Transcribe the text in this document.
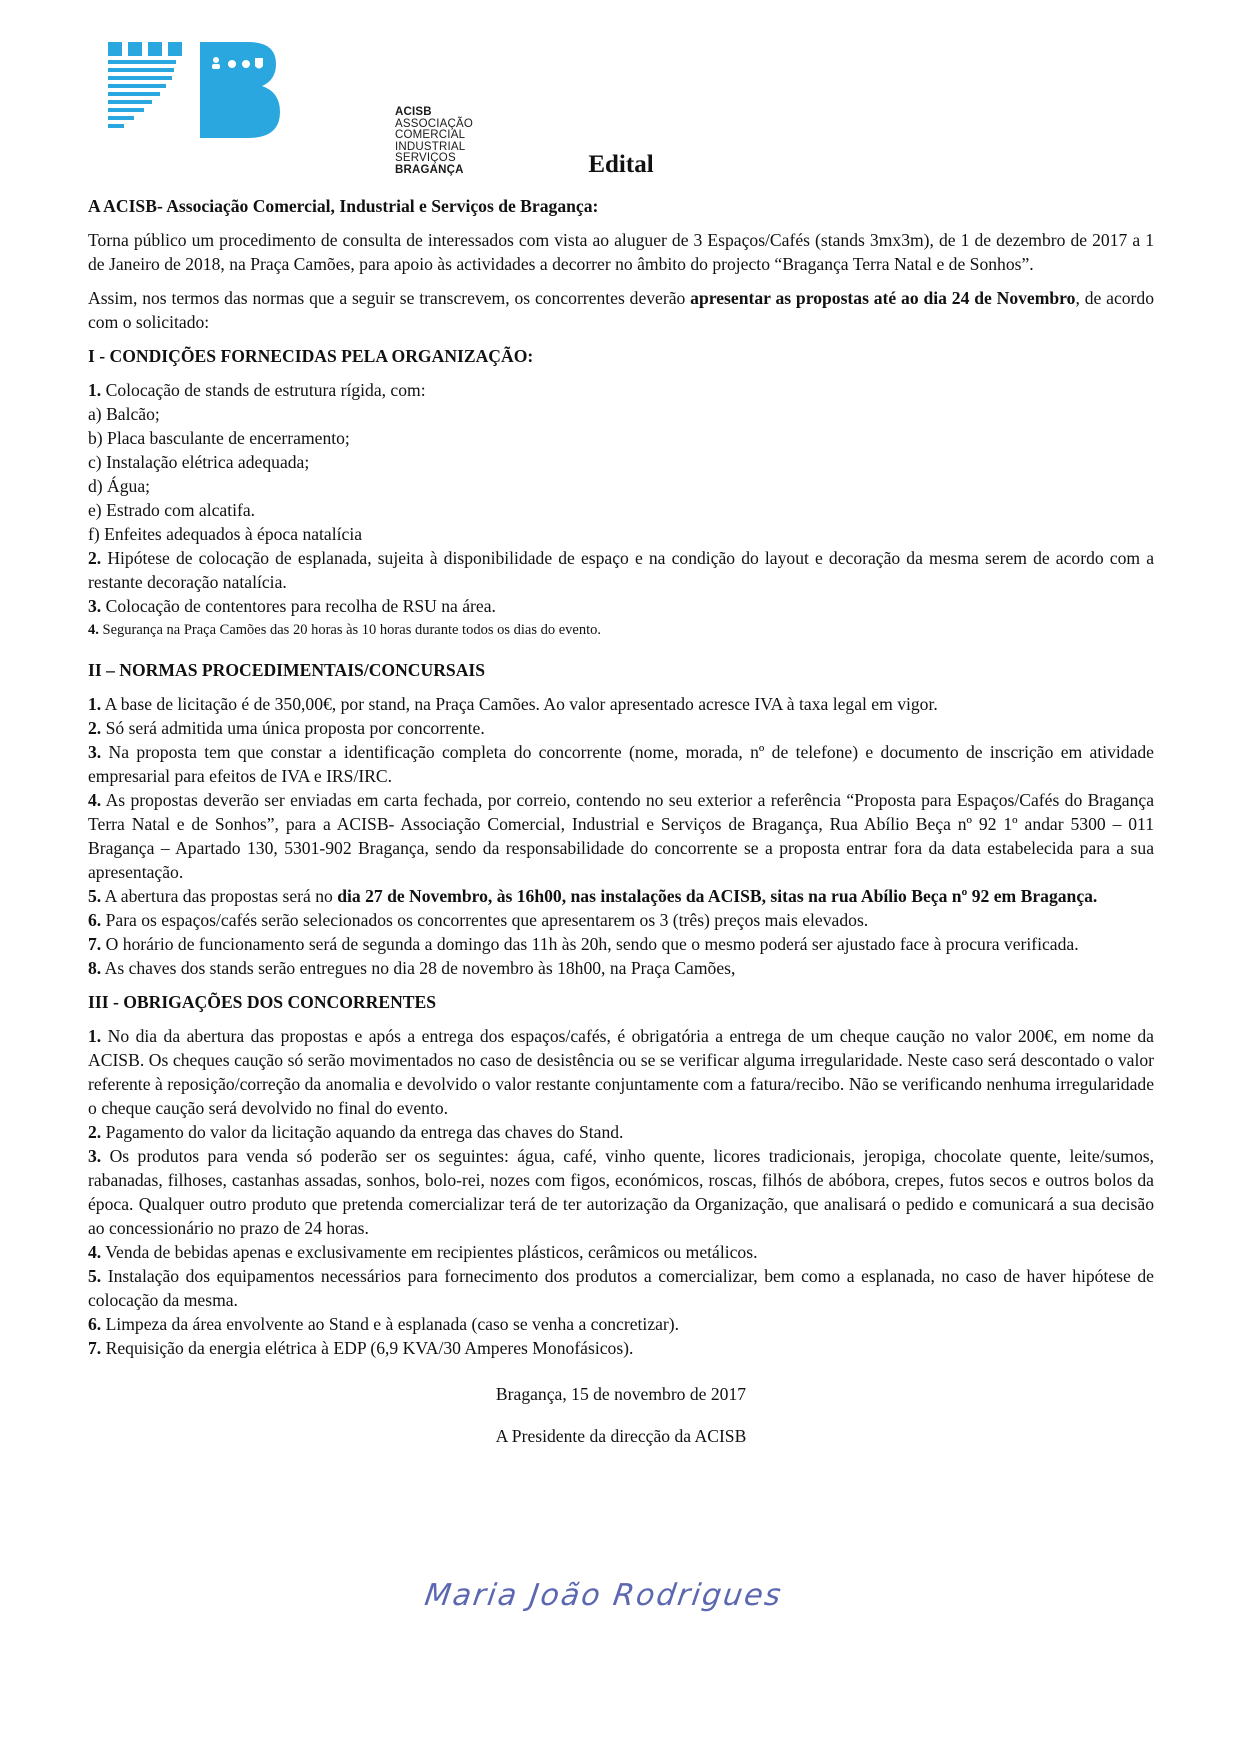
ACISB
ASSOCIAÇÃO
COMERCIAL
INDUSTRIAL
SERVIÇOS
BRAGANÇA	Edital

A ACISB- Associação Comercial, Industrial e Serviços de Bragança:

Torna público um procedimento de consulta de interessados com vista ao aluguer de 3 Espaços/Cafés (stands 3mx3m), de 1 de dezembro de 2017 a 1 de Janeiro de 2018, na Praça Camões, para apoio às actividades a decorrer no âmbito do projecto “Bragança Terra Natal e de Sonhos”.

Assim, nos termos das normas que a seguir se transcrevem, os concorrentes deverão apresentar as propostas até ao dia 24 de Novembro, de acordo com o solicitado:

I - CONDIÇÕES FORNECIDAS PELA ORGANIZAÇÃO:

1. Colocação de stands de estrutura rígida, com:

a) Balcão;

b) Placa basculante de encerramento;

c) Instalação elétrica adequada;

d) Água;

e) Estrado com alcatifa.

f) Enfeites adequados à época natalícia

2. Hipótese de colocação de esplanada, sujeita à disponibilidade de espaço e na condição do layout e decoração da mesma serem de acordo com a restante decoração natalícia.

3. Colocação de contentores para recolha de RSU na área.

4. Segurança na Praça Camões das 20 horas às 10 horas durante todos os dias do evento.

II – NORMAS PROCEDIMENTAIS/CONCURSAIS

1. A base de licitação é de 350,00€, por stand, na Praça Camões. Ao valor apresentado acresce IVA à taxa legal em vigor.

2. Só será admitida uma única proposta por concorrente.

3. Na proposta tem que constar a identificação completa do concorrente (nome, morada, nº de telefone) e documento de inscrição em atividade empresarial para efeitos de IVA e IRS/IRC.

4. As propostas deverão ser enviadas em carta fechada, por correio, contendo no seu exterior a referência “Proposta para Espaços/Cafés do Bragança Terra Natal e de Sonhos”, para a ACISB- Associação Comercial, Industrial e Serviços de Bragança, Rua Abílio Beça nº 92 1º andar 5300 – 011 Bragança – Apartado 130, 5301-902 Bragança, sendo da responsabilidade do concorrente se a proposta entrar fora da data estabelecida para a sua apresentação.

5. A abertura das propostas será no dia 27 de Novembro, às 16h00, nas instalações da ACISB, sitas na rua Abílio Beça nº 92 em Bragança.

6. Para os espaços/cafés serão selecionados os concorrentes que apresentarem os 3 (três) preços mais elevados.

7. O horário de funcionamento será de segunda a domingo das 11h às 20h, sendo que o mesmo poderá ser ajustado face à procura verificada.

8. As chaves dos stands serão entregues no dia 28 de novembro às 18h00, na Praça Camões,

III - OBRIGAÇÕES DOS CONCORRENTES

1. No dia da abertura das propostas e após a entrega dos espaços/cafés, é obrigatória a entrega de um cheque caução no valor 200€, em nome da ACISB. Os cheques caução só serão movimentados no caso de desistência ou se se verificar alguma irregularidade. Neste caso será descontado o valor referente à reposição/correção da anomalia e devolvido o valor restante conjuntamente com a fatura/recibo. Não se verificando nenhuma irregularidade o cheque caução será devolvido no final do evento.

2. Pagamento do valor da licitação aquando da entrega das chaves do Stand.

3. Os produtos para venda só poderão ser os seguintes: água, café, vinho quente, licores tradicionais, jeropiga, chocolate quente, leite/sumos, rabanadas, filhoses, castanhas assadas, sonhos, bolo-rei, nozes com figos, económicos, roscas, filhós de abóbora, crepes, futos secos e outros bolos da época. Qualquer outro produto que pretenda comercializar terá de ter autorização da Organização, que analisará o pedido e comunicará a sua decisão ao concessionário no prazo de 24 horas.

4. Venda de bebidas apenas e exclusivamente em recipientes plásticos, cerâmicos ou metálicos.

5. Instalação dos equipamentos necessários para fornecimento dos produtos a comercializar, bem como a esplanada, no caso de haver hipótese de colocação da mesma.

6. Limpeza da área envolvente ao Stand e à esplanada (caso se venha a concretizar).

7. Requisição da energia elétrica à EDP (6,9 KVA/30 Amperes Monofásicos).

Bragança, 15 de novembro de 2017

A Presidente da direcção da ACISB

Maria João Rodrigues
